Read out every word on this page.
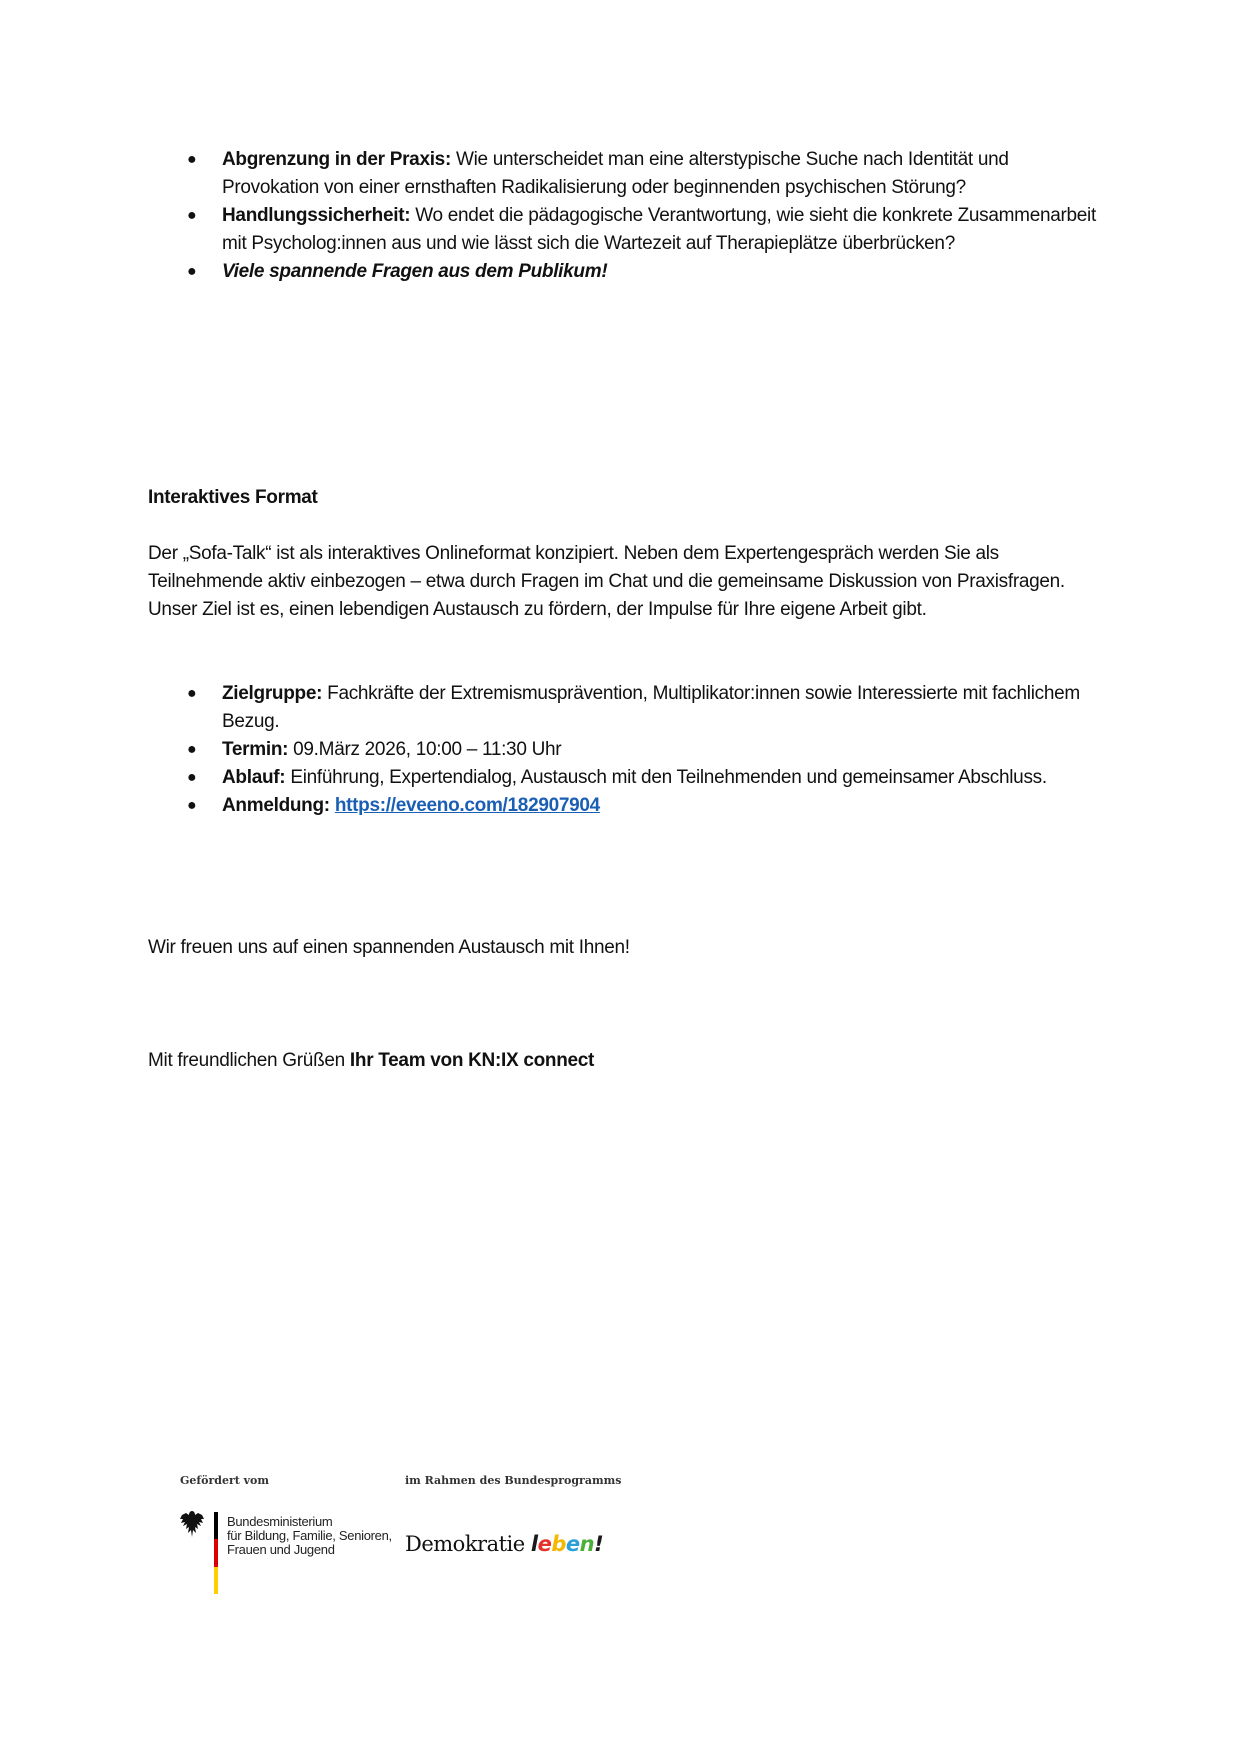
● Abgrenzung in der Praxis: Wie unterscheidet man eine alterstypische Suche nach Identität und Provokation von einer ernsthaften Radikalisierung oder beginnenden psychischen Störung?
● Handlungssicherheit: Wo endet die pädagogische Verantwortung, wie sieht die konkrete Zusammenarbeit mit Psycholog:innen aus und wie lässt sich die Wartezeit auf Therapieplätze überbrücken?
● Viele spannende Fragen aus dem Publikum!
Interaktives Format

Der „Sofa-Talk“ ist als interaktives Onlineformat konzipiert. Neben dem Expertengespräch werden Sie als Teilnehmende aktiv einbezogen – etwa durch Fragen im Chat und die gemeinsame Diskussion von Praxisfragen. Unser Ziel ist es, einen lebendigen Austausch zu fördern, der Impulse für Ihre eigene Arbeit gibt.

● Zielgruppe: Fachkräfte der Extremismusprävention, Multiplikator:innen sowie Interessierte mit fachlichem Bezug.
● Termin: 09.März 2026, 10:00 – 11:30 Uhr
● Ablauf: Einführung, Expertendialog, Austausch mit den Teilnehmenden und gemeinsamer Abschluss.
● Anmeldung: https://eveeno.com/182907904
Wir freuen uns auf einen spannenden Austausch mit Ihnen!
Mit freundlichen Grüßen Ihr Team von KN:IX connect
Gefördert vom	im Rahmen des Bundesprogramms
Bundesministerium
für Bildung, Familie, Senioren,
Frauen und Jugend	Demokratie leben!
